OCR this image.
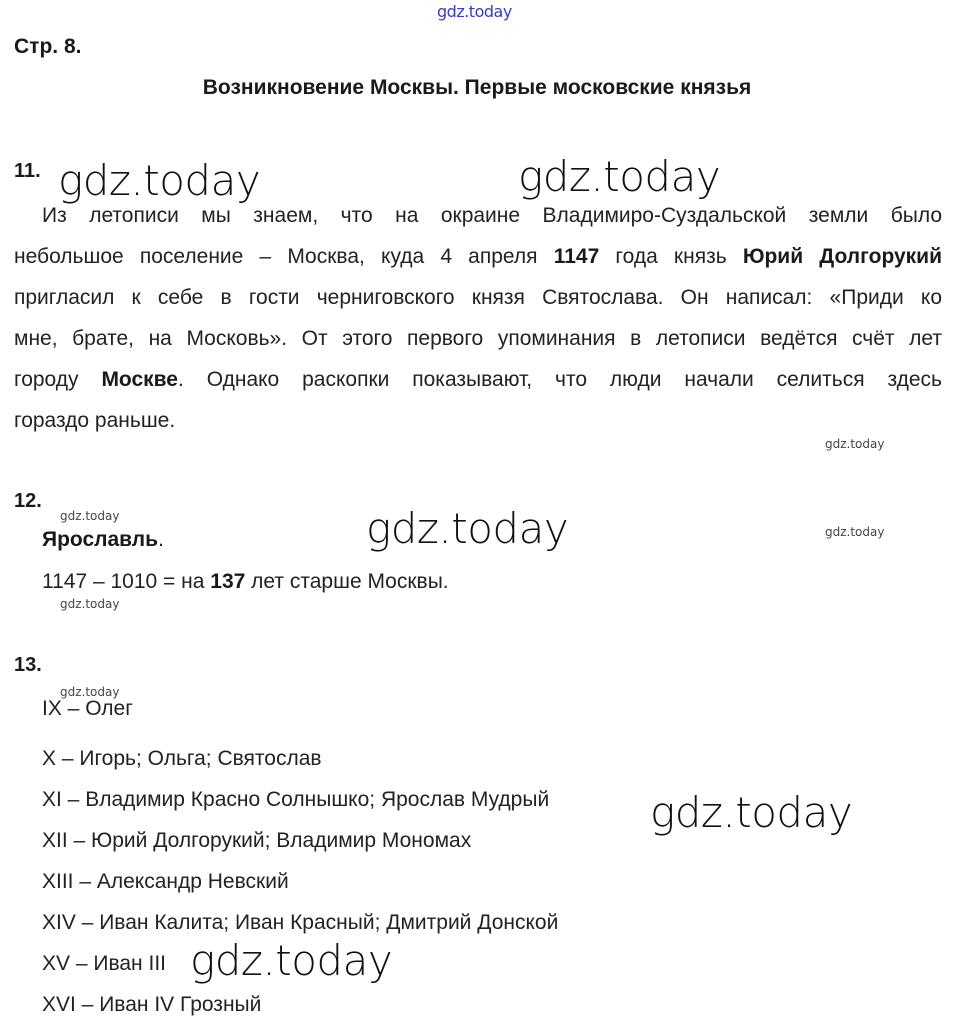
gdz.today
gdz.today	gdz.today
gdz.today
gdz.today	gdz.today	gdz.today
gdz.today
gdz.today
gdz.today
gdz.today
Стр. 8.
Возникновение Москвы. Первые московские князья
11.
Из летописи мы знаем, что на окраине Владимиро-Суздальской земли было
небольшое поселение – Москва, куда 4 апреля 1147 года князь Юрий Долгорукий
пригласил к себе в гости черниговского князя Святослава. Он написал: «Приди ко
мне, брате, на Московь». От этого первого упоминания в летописи ведётся счёт лет
городу Москве. Однако раскопки показывают, что люди начали селиться здесь
гораздо раньше.
12.
Ярославль.
1147 – 1010 = на 137 лет старше Москвы.
13.
IX – Олег
X – Игорь; Ольга; Святослав
XI – Владимир Красно Солнышко; Ярослав Мудрый
XII – Юрий Долгорукий; Владимир Мономах
XIII – Александр Невский
XIV – Иван Калита; Иван Красный; Дмитрий Донской
XV – Иван III
XVI – Иван IV Грозный
